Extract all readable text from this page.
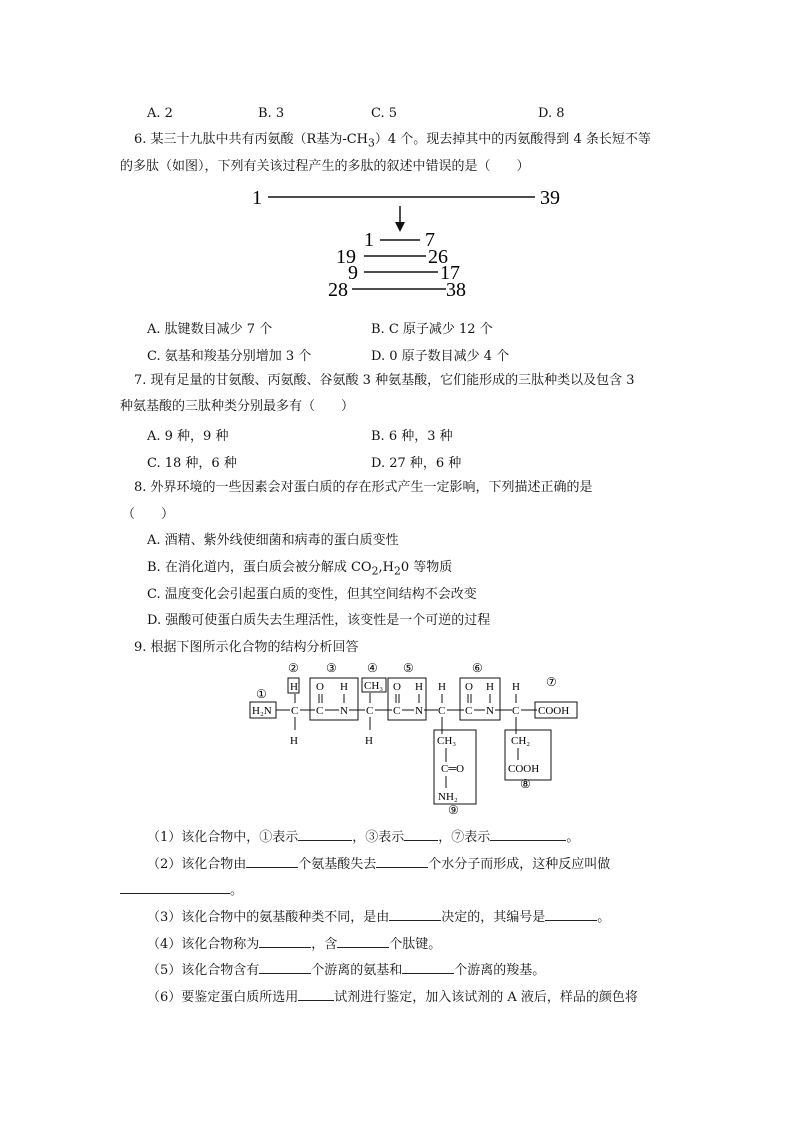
A. 2	B. 3	C. 5	D. 8
6. 某三十九肽中共有丙氨酸（R基为$-CH_3)4$ 个。现去掉其中的丙氨酸得到 4 条长短不等
的多肽（如图），下列有关该过程产生的多肽的叙述中错误的是（　　）
1	39
1	7
19	26
9	17
28	38
A. 肽键数目减少 7 个	B. C 原子减少 12 个
C. 氨基和羧基分别增加 3 个	D. 0 原子数目减少 4 个
7. 现有足量的甘氨酸、丙氨酸、谷氨酸 3 种氨基酸，它们能形成的三肽种类以及包含 3
种氨基酸的三肽种类分别最多有（　　）
A. 9 种，9 种	B. 6 种，3 种
C. 18 种，6 种	D. 27 种，6 种
8. 外界环境的一些因素会对蛋白质的存在形式产生一定影响，下列描述正确的是
（　　）
A. 酒精、紫外线使细菌和病毒的蛋白质变性
B. 在消化道内，蛋白质会被分解成 $CO_2,H_20$ 等物质
C. 温度变化会引起蛋白质的变性，但其空间结构不会改变
D. 强酸可使蛋白质失去生理活性，该变性是一个可逆的过程
9. 根据下图所示化合物的结构分析回答
①
② ③	④ ⑤	⑥
⑦
⑧
⑨
H₂N C
H
H
O
C
H
N
CH₃
C
H
O
C
H
N
H
C
O
C
H
N
H
C COOH
CH₃
C═O
NH₂
CH₂
COOH
（1）该化合物中，①表示	，③表示	，⑦表示	。
（2）该化合物由	个氨基酸失去	个水分子而形成，这种反应叫做
。
（3）该化合物中的氨基酸种类不同，是由	决定的，其编号是	。
（4）该化合物称为	，含	个肽键。
（5）该化合物含有	个游离的氨基和	个游离的羧基。
（6）要鉴定蛋白质所选用	试剂进行鉴定，加入该试剂的 A 液后，样品的颜色将
